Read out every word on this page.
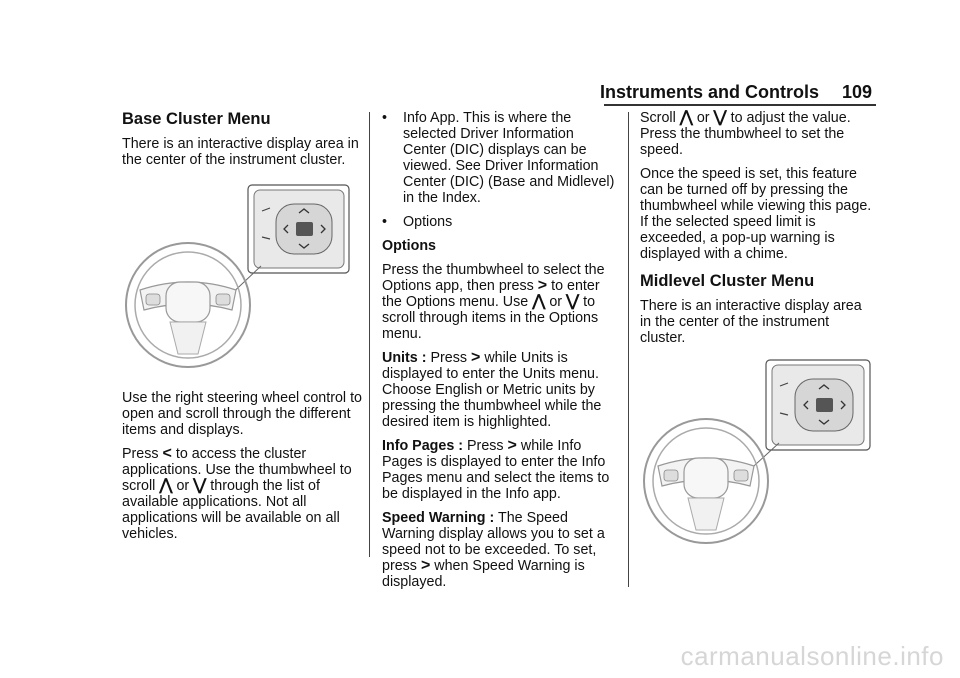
Instruments and Controls 109
Base Cluster Menu

There is an interactive display area in the center of the instrument cluster.

Use the right steering wheel control to open and scroll through the different items and displays.

Press < to access the cluster applications. Use the thumbwheel to scroll ⋀ or ⋁ through the list of available applications. Not all applications will be available on all vehicles.

•	Info App. This is where the selected Driver Information Center (DIC) displays can be viewed. See Driver Information Center (DIC) (Base and Midlevel) in the Index.
•	Options

Options

Press the thumbwheel to select the Options app, then press > to enter the Options menu. Use ⋀ or ⋁ to scroll through items in the Options menu.

Units : Press > while Units is displayed to enter the Units menu. Choose English or Metric units by pressing the thumbwheel while the desired item is highlighted.

Info Pages : Press > while Info Pages is displayed to enter the Info Pages menu and select the items to be displayed in the Info app.

Speed Warning : The Speed Warning display allows you to set a speed not to be exceeded. To set, press > when Speed Warning is displayed.

Scroll ⋀ or ⋁ to adjust the value. Press the thumbwheel to set the speed.

Once the speed is set, this feature can be turned off by pressing the thumbwheel while viewing this page. If the selected speed limit is exceeded, a pop-up warning is displayed with a chime.

Midlevel Cluster Menu

There is an interactive display area in the center of the instrument cluster.

carmanualsonline.info
